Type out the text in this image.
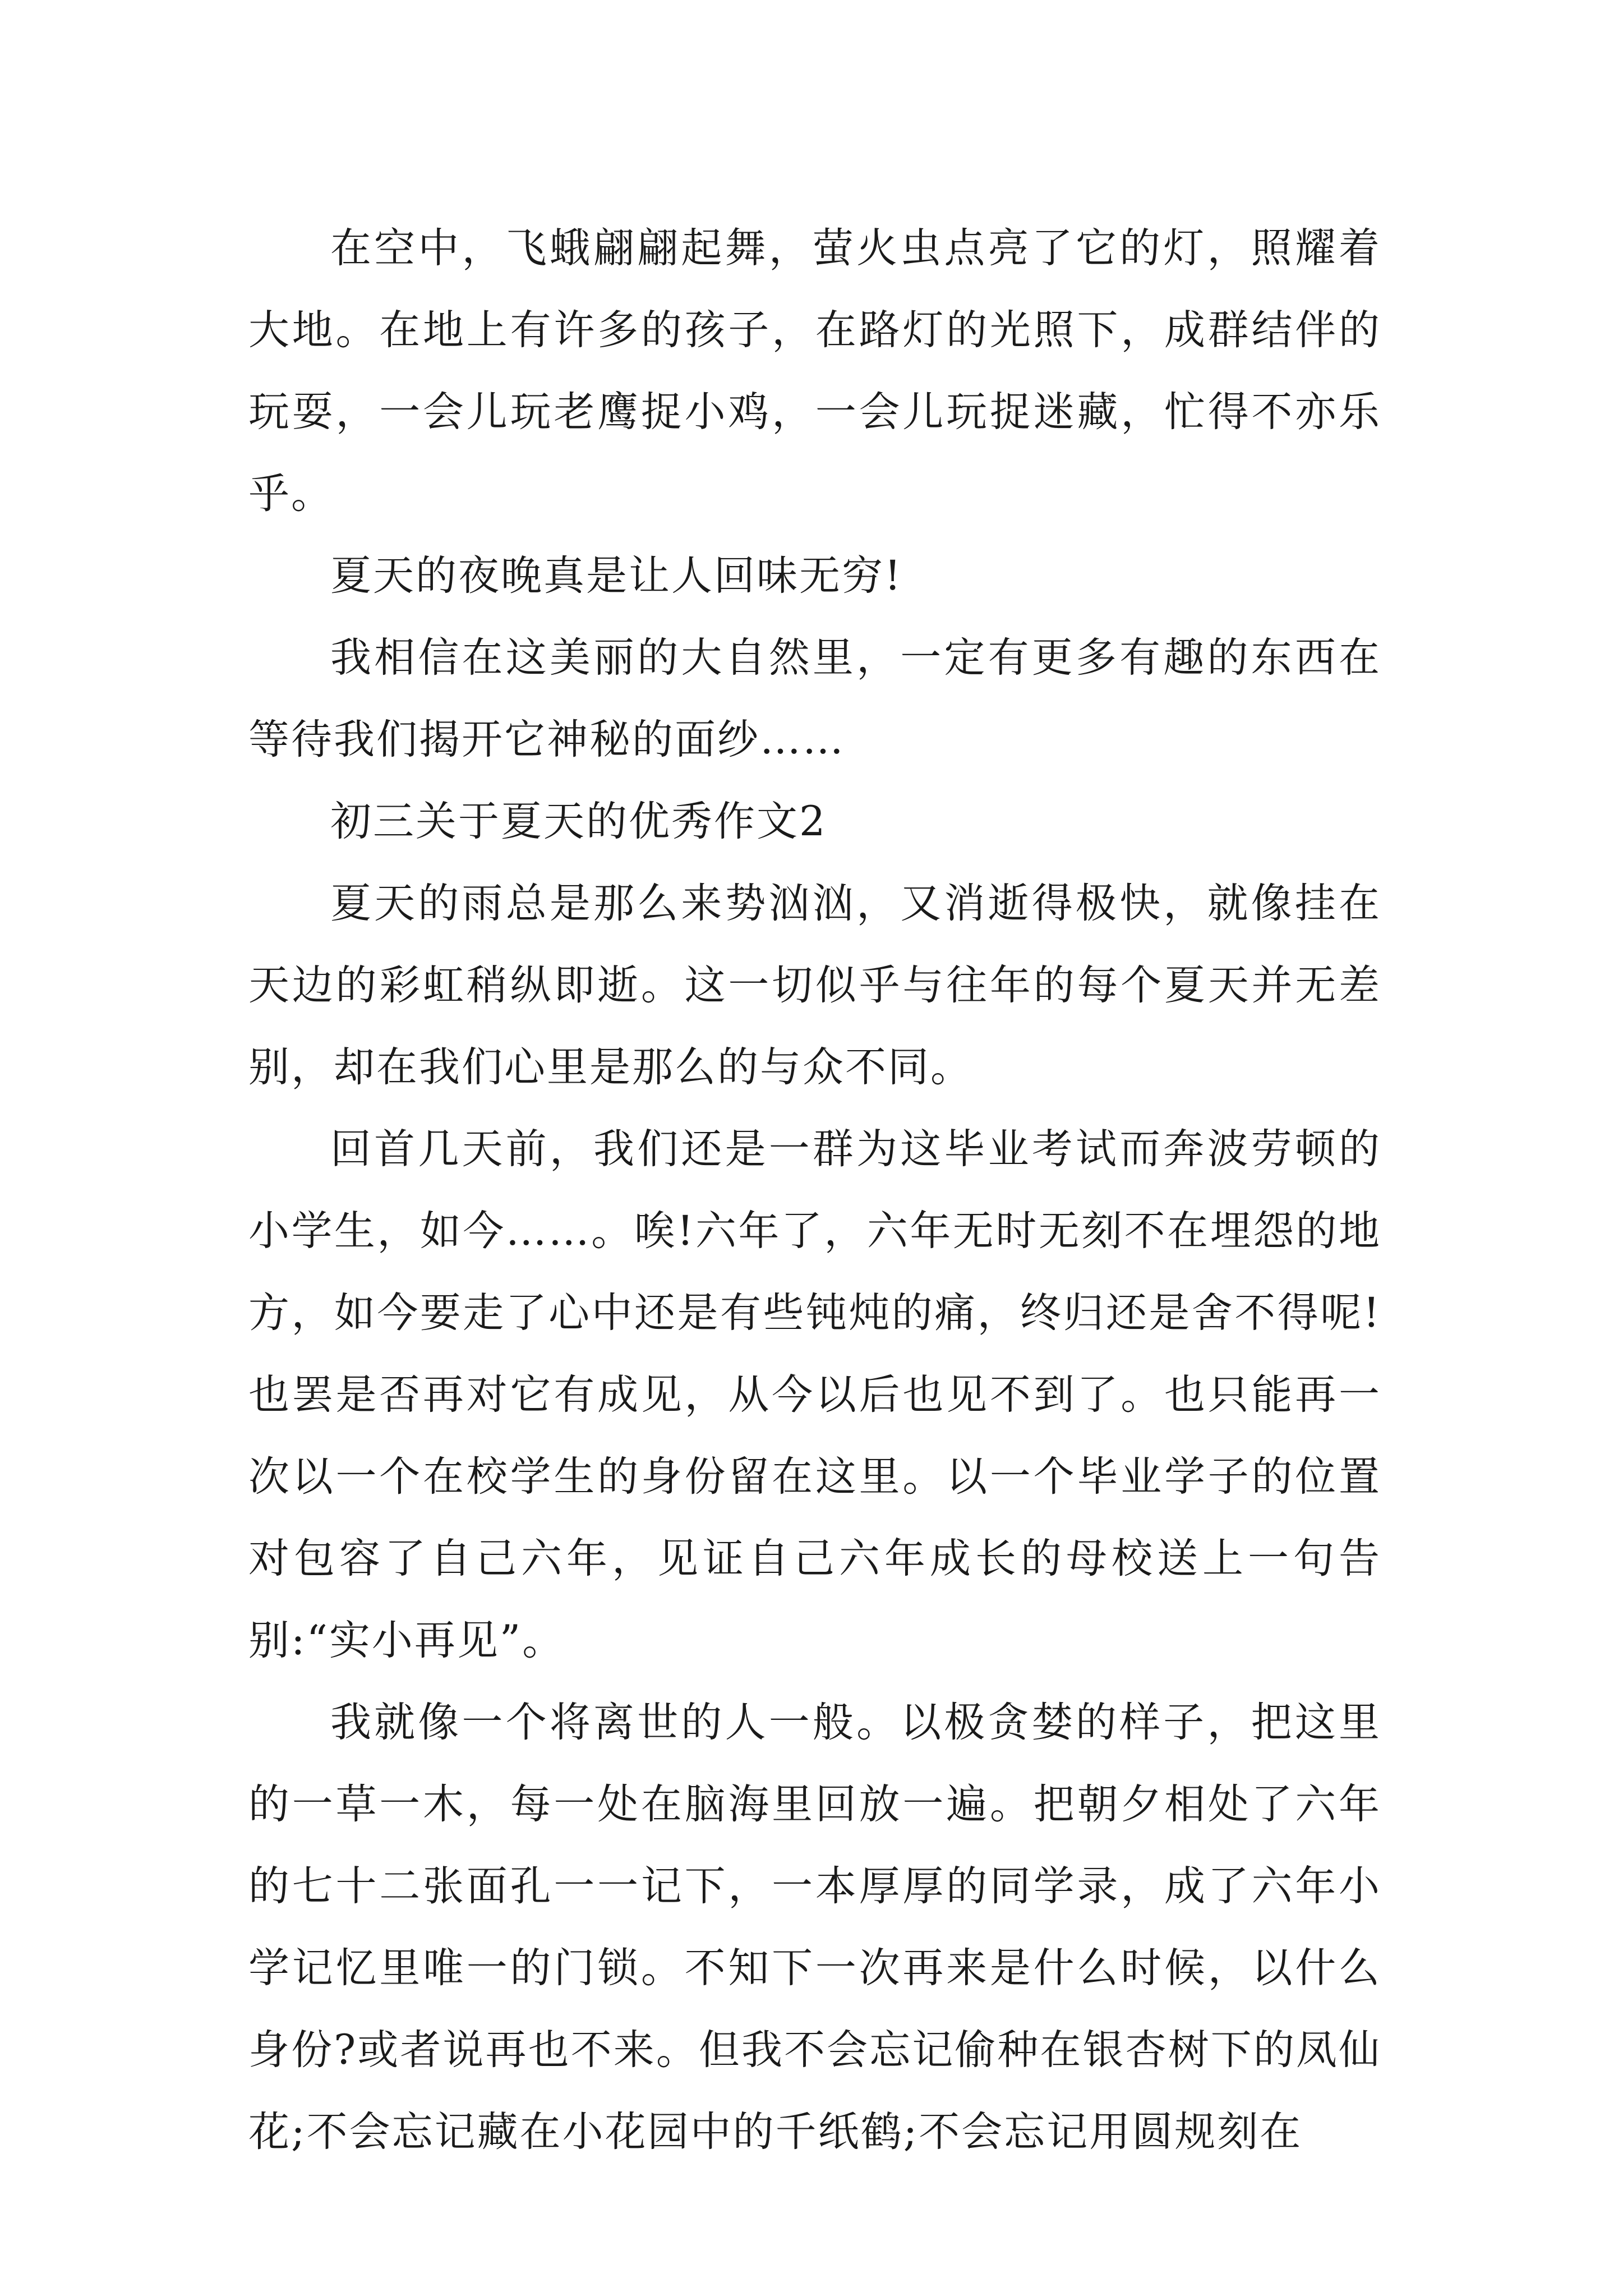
在空中，飞蛾翩翩起舞，萤火虫点亮了它的灯，照耀着大地。在地上有许多的孩子，在路灯的光照下，成群结伴的玩耍，一会儿玩老鹰捉小鸡，一会儿玩捉迷藏，忙得不亦乐乎。

夏天的夜晚真是让人回味无穷!

我相信在这美丽的大自然里，一定有更多有趣的东西在等待我们揭开它神秘的面纱……

初三关于夏天的优秀作文2

夏天的雨总是那么来势汹汹，又消逝得极快，就像挂在天边的彩虹稍纵即逝。这一切似乎与往年的每个夏天并无差别，却在我们心里是那么的与众不同。

回首几天前，我们还是一群为这毕业考试而奔波劳顿的小学生，如今……。唉!六年了，六年无时无刻不在埋怨的地方，如今要走了心中还是有些钝炖的痛，终归还是舍不得呢!也罢是否再对它有成见，从今以后也见不到了。也只能再一次以一个在校学生的身份留在这里。以一个毕业学子的位置对包容了自己六年，见证自己六年成长的母校送上一句告别:“实小再见”。

我就像一个将离世的人一般。以极贪婪的样子，把这里的一草一木，每一处在脑海里回放一遍。把朝夕相处了六年的七十二张面孔一一记下，一本厚厚的同学录，成了六年小学记忆里唯一的门锁。不知下一次再来是什么时候，以什么身份?或者说再也不来。但我不会忘记偷种在银杏树下的凤仙花;不会忘记藏在小花园中的千纸鹤;不会忘记用圆规刻在
